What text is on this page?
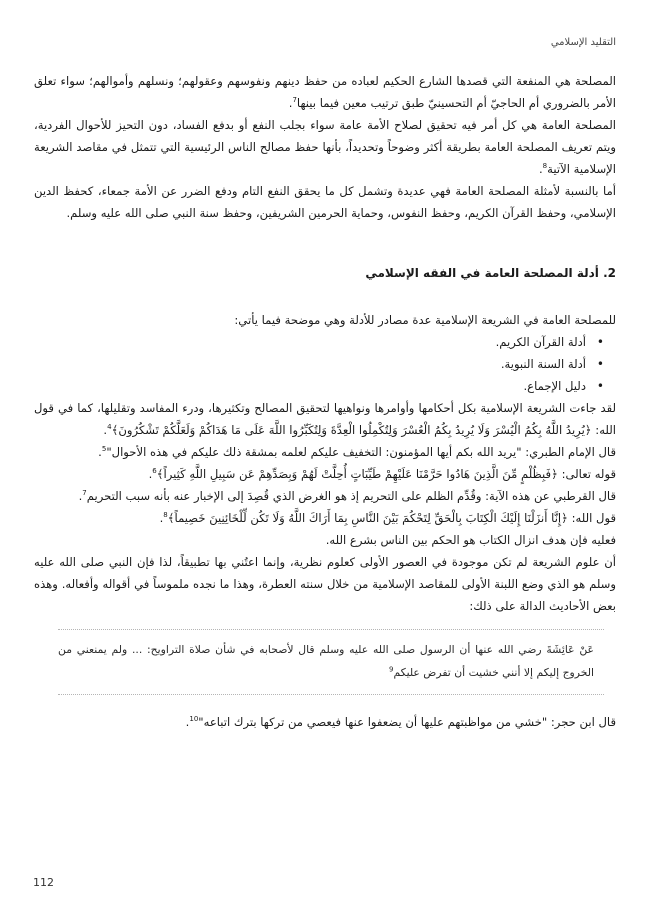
التقليد الإسلامي

المصلحة هي المنفعة التي قصدها الشارع الحكيم لعباده من حفظ دينهم ونفوسهم وعقولهم؛ ونسلهم وأموالهم؛ سواء تعلق الأمر بالضروري أم الحاجيّ أم التحسينيّ طبق ترتيب معين فيما بينها$^7$.

المصلحة العامة هي كل أمر فيه تحقيق لصلاح الأمة عامة سواء بجلب النفع أو بدفع الفساد، دون التحيز للأحوال الفردية، ويتم تعريف المصلحة العامة بطريقة أكثر وضوحاً وتحديداً، بأنها حفظ مصالح الناس الرئيسية التي تتمثل في مقاصد الشريعة الإسلامية الآتية$^8$.

أما بالنسبة لأمثلة المصلحة العامة فهي عديدة وتشمل كل ما يحقق النفع التام ودفع الضرر عن الأمة جمعاء، كحفظ الدين الإسلامي، وحفظ القرآن الكريم، وحفظ النفوس، وحماية الحرمين الشريفين، وحفظ سنة النبي صلى الله عليه وسلم.

2. أدلة المصلحة العامة في الفقه الإسلامي

للمصلحة العامة في الشريعة الإسلامية عدة مصادر للأدلة وهي موضحة فيما يأتي:

• أدلة القرآن الكريم.
• أدلة السنة النبوية.
• دليل الإجماع.

لقد جاءت الشريعة الإسلامية بكل أحكامها وأوامرها ونواهيها لتحقيق المصالح وتكثيرها، ودرء المفاسد وتقليلها، كما في قول الله: ﴿يُرِيدُ اللَّهُ بِكُمُ الْيُسْرَ وَلَا يُرِيدُ بِكُمُ الْعُسْرَ وَلِتُكْمِلُوا الْعِدَّةَ وَلِتُكَبِّرُوا اللَّهَ عَلَى مَا هَدَاكُمْ وَلَعَلَّكُمْ تَشْكُرُونَ﴾$^4$.

قال الإمام الطبري: "يريد الله بكم أيها المؤمنون: التخفيف عليكم لعلمه بمشقة ذلك عليكم في هذه الأحوال"$^5$.

قوله تعالى: ﴿فَبِظُلْمٍ مِّنَ الَّذِينَ هَادُوا حَرَّمْنَا عَلَيْهِمْ طَيِّبَاتٍ أُحِلَّتْ لَهُمْ وَبِصَدِّهِمْ عَن سَبِيلِ اللَّهِ كَثِيراً﴾$^6$.

قال القرطبي عن هذه الآية: وقُدِّم الظلم على التحريم إذ هو الغرض الذي قُصِدَ إلى الإخبار عنه بأنه سبب التحريم$^7$.

قول الله: ﴿إِنَّا أَنزَلْنَا إِلَيْكَ الْكِتَابَ بِالْحَقِّ لِتَحْكُمَ بَيْنَ النَّاسِ بِمَا أَرَاكَ اللَّهُ وَلَا تَكُن لِّلْخَائِنِينَ خَصِيماً﴾$^8$.

فعليه فإن هدف انزال الكتاب هو الحكم بين الناس بشرع الله.

أن علوم الشريعة لم تكن موجودة في العصور الأولى كعلوم نظرية، وإنما اعتُني بها تطبيقاً، لذا فإن النبي صلى الله عليه وسلم هو الذي وضع اللبنة الأولى للمقاصد الإسلامية من خلال سنته العطرة، وهذا ما نجده ملموساً في أقواله وأفعاله. وهذه بعض الأحاديث الدالة على ذلك:

عَنْ عَائِشَةَ رضي الله عنها أن الرسول صلى الله عليه وسلم قال لأصحابه في شأن صلاة التراويح: ... ولم يمنعني من الخروج إليكم إلا أنني خشيت أن تفرض عليكم$^9$

قال ابن حجر: "خشي من مواظبتهم عليها أن يضعفوا عنها فيعصي من تركها بترك اتباعه"$^{10}$.

112
